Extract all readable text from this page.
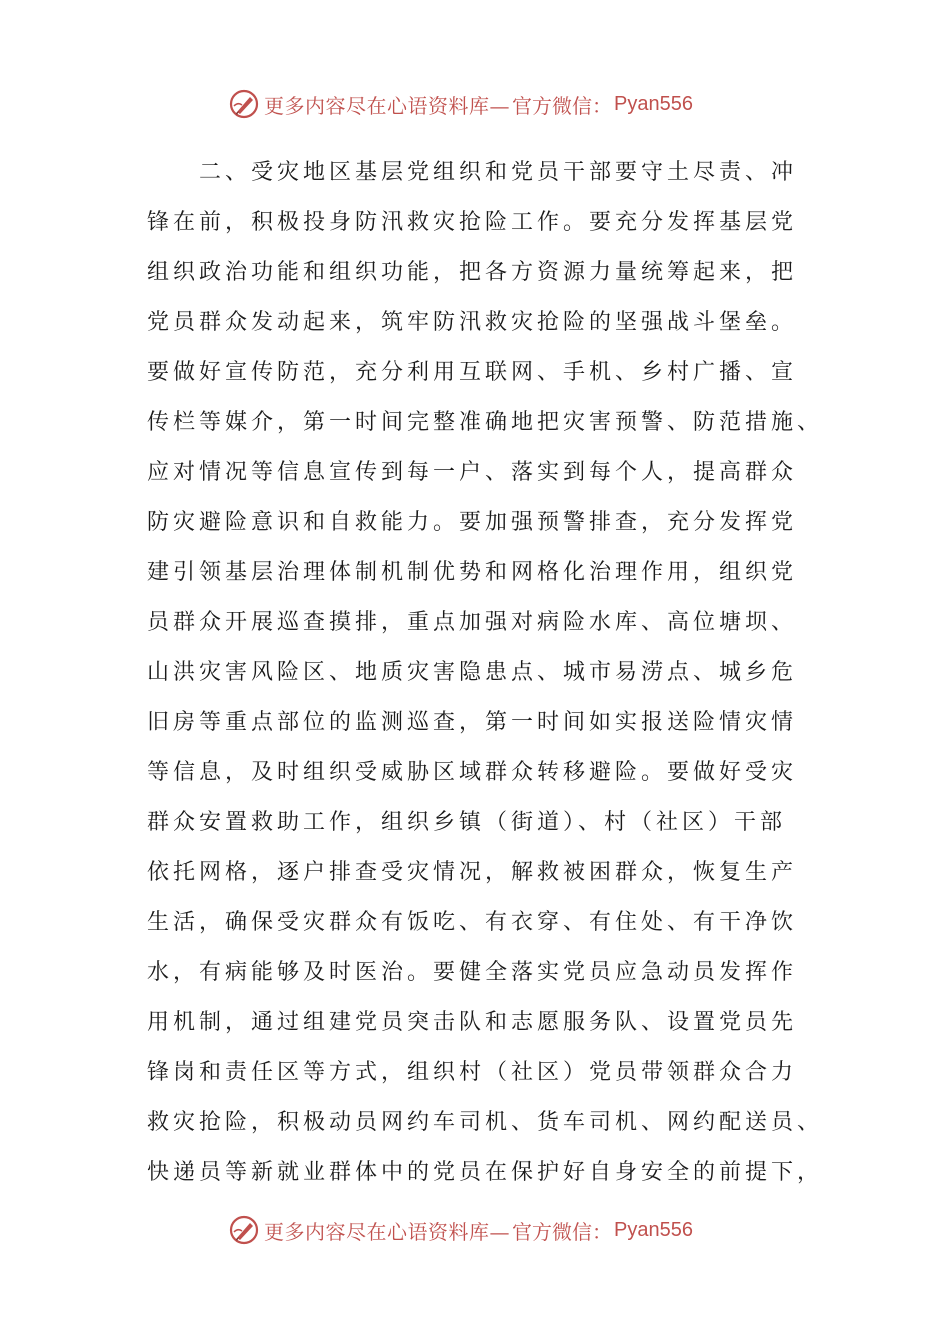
更多内容尽在心语资料库— 官方微信： Pyan556
　　二、受灾地区基层党组织和党员干部要守土尽责、冲
锋在前，积极投身防汛救灾抢险工作。要充分发挥基层党
组织政治功能和组织功能，把各方资源力量统筹起来，把
党员群众发动起来，筑牢防汛救灾抢险的坚强战斗堡垒。
要做好宣传防范，充分利用互联网、手机、乡村广播、宣
传栏等媒介，第一时间完整准确地把灾害预警、防范措施、
应对情况等信息宣传到每一户、落实到每个人，提高群众
防灾避险意识和自救能力。要加强预警排查，充分发挥党
建引领基层治理体制机制优势和网格化治理作用，组织党
员群众开展巡查摸排，重点加强对病险水库、高位塘坝、
山洪灾害风险区、地质灾害隐患点、城市易涝点、城乡危
旧房等重点部位的监测巡查，第一时间如实报送险情灾情
等信息，及时组织受威胁区域群众转移避险。要做好受灾
群众安置救助工作，组织乡镇（街道）、村（社区）干部
依托网格，逐户排查受灾情况，解救被困群众，恢复生产
生活，确保受灾群众有饭吃、有衣穿、有住处、有干净饮
水，有病能够及时医治。要健全落实党员应急动员发挥作
用机制，通过组建党员突击队和志愿服务队、设置党员先
锋岗和责任区等方式，组织村（社区）党员带领群众合力
救灾抢险，积极动员网约车司机、货车司机、网约配送员、
快递员等新就业群体中的党员在保护好自身安全的前提下，
更多内容尽在心语资料库— 官方微信： Pyan556
